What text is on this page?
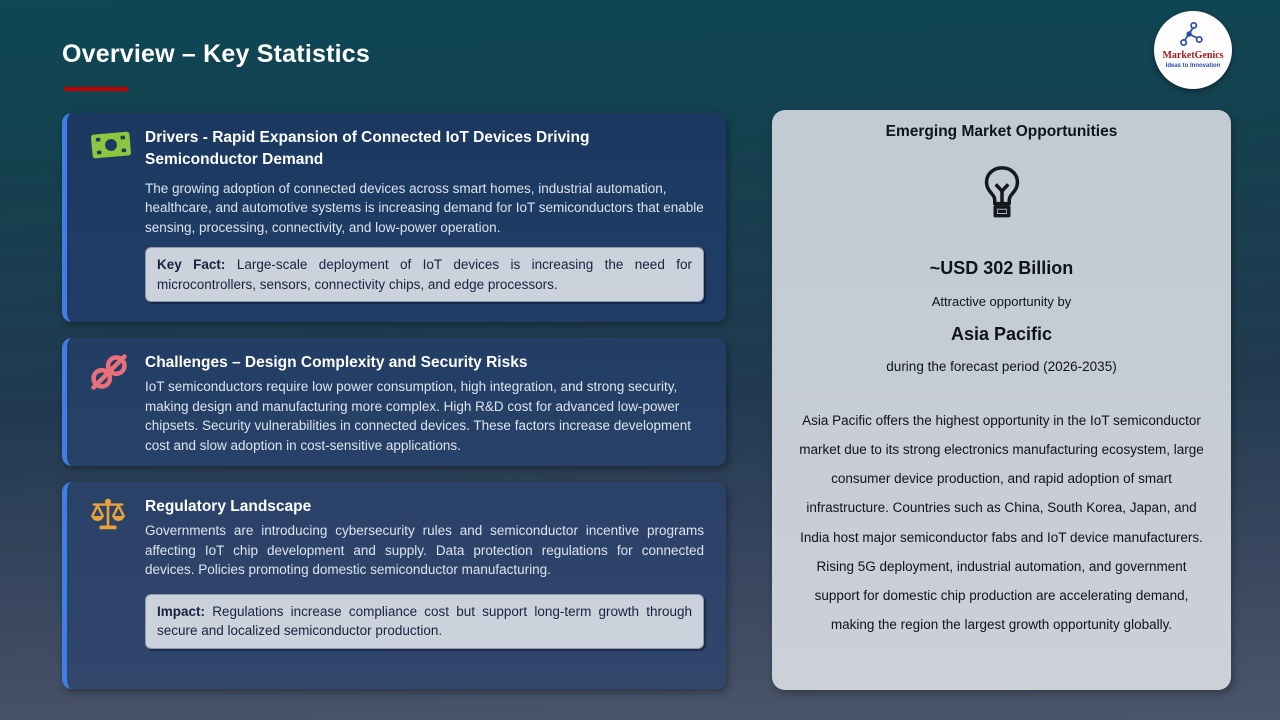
Overview – Key Statistics	MarketGenics
Ideas to Innovation
Drivers - Rapid Expansion of Connected IoT Devices Driving Semiconductor Demand
The growing adoption of connected devices across smart homes, industrial automation, healthcare, and automotive systems is increasing demand for IoT semiconductors that enable sensing, processing, connectivity, and low-power operation.
Key Fact: Large-scale deployment of IoT devices is increasing the need for microcontrollers, sensors, connectivity chips, and edge processors.
Challenges – Design Complexity and Security Risks
IoT semiconductors require low power consumption, high integration, and strong security, making design and manufacturing more complex. High R&D cost for advanced low-power chipsets. Security vulnerabilities in connected devices. These factors increase development cost and slow adoption in cost-sensitive applications.
Regulatory Landscape
Governments are introducing cybersecurity rules and semiconductor incentive programs affecting IoT chip development and supply. Data protection regulations for connected devices. Policies promoting domestic semiconductor manufacturing.
Impact: Regulations increase compliance cost but support long-term growth through secure and localized semiconductor production.
Emerging Market Opportunities
~USD 302 Billion
Attractive opportunity by
Asia Pacific
during the forecast period (2026-2035)
Asia Pacific offers the highest opportunity in the IoT semiconductor market due to its strong electronics manufacturing ecosystem, large consumer device production, and rapid adoption of smart infrastructure. Countries such as China, South Korea, Japan, and India host major semiconductor fabs and IoT device manufacturers. Rising 5G deployment, industrial automation, and government support for domestic chip production are accelerating demand, making the region the largest growth opportunity globally.
